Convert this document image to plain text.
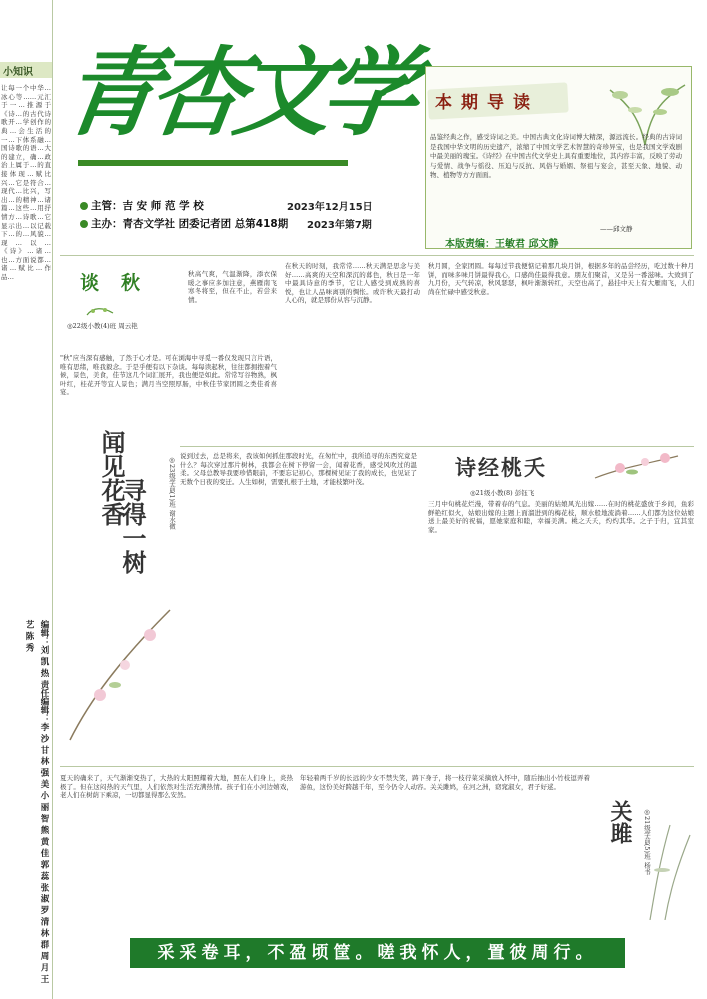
小知识
让每一个中华…冰心等……元汇于一…推源于《诗…的古代诗歌开…学创作的典…会生活的一…下体系融…国诗歌的语…大的建立，确…政治上属于…的直接体现…赋比兴…它是符合…现代…比兴，写出…的精神…诸篇…这些…用抒情方…诗歌…它显示出…以记载下…的…风貌…现…以…《诗》…诸…也…方面说都…诸…赋比…作品…
编辑：刘 凯 热 责任编辑：李 沙 甘 林 强 美 小 丽 智 熊 黄 佳 郭 蕊 张 淑 罗 清 林 群 周 月 王 艺 陈 秀
青杏文学
主管：吉 安 师 范 学 校
主办：青杏文学社 团委记者团 总第418期
2023年12月15日
2023年第7期
本期导读
品鉴经典之作，感受诗词之美。中国古典文化诗词博大精深，源远流长。经典的古诗词是我国中华文明的历史遗产，浓缩了中国文学艺术智慧的奇珍异宝，也是我国文学戏剧中最美丽的瑰宝。《诗经》在中国古代文学史上具有重要地位，其内容丰富，反映了劳动与爱情、战争与徭役、压迫与反抗、风俗与婚姻、祭祖与宴会，甚至天象、地貌、动物、植物等方方面面。
——邱文静
本版责编：王敏君 邱文静
谈秋
◎22级小教(4)班 周云艳
秋高气爽，气温渐降，添衣保暖之事应多加注意，燕雁南飞寒冬将至，但在不止，若尝来情。
"秋"应当深有感触，了然于心才是。可在浏海中寻觅一番仅发现只言片语，唯有思绪，唯我毅念。于是乎便有以下杂谈。每每读起秋，往往都拥抱着气候，景色，美食，佳节这几个词汇展开，我也便是如此。常常写谷物熟，枫叶红，桂花开等宜人景色；满月当空照厚肠，中秋佳节家团圆之类佳肴喜宴。
在秋天的时刻，我常常……秋天满是思念与美好……高爽的天空和深沉的暮色，秋日是一年中最具诗意的季节，它让人感受到成熟的喜悦，也让人品味离别的惆怅。或许秋天最打动人心的，就是那份从容与沉静。
秋月圆，全家团圆。每每过节我便惦记着那几块月饼，根据多年的品尝经历，吃过数十种月饼，而味多味月饼最得我心，口感尚佳最得我意。朋友们聚首，又是另一番滋味。大致到了九月份，天气转凉，秋风瑟瑟，枫叶渐渐转红，天空也高了，悬挂中天上有大雁南飞，人们尚在忙碌中感受秋意。
闻见花香
寻得一树	◎23级学前(1)班 谢水微 说到过去，总是将来，我该如何抓住那段时光，在匆忙中，我所追寻的东西究竟是什么？每次穿过那片树林，我都会在树下停留一会，闻着花香，感受风吹过的温柔。父母总教导我要珍惜眼前，不要忘记初心，那棵树见证了我的成长，也见证了无数个日夜的变迁。人生如树，需要扎根于土地，才能枝繁叶茂。
诗经桃夭
◎21级小教(8) 彭钰飞
三月中旬桃花烂漫，带着春的气息。美丽的姑娘风光出嫁……在时的桃花盛放于乡间，鱼彩鲜艳红似火，姑娘出嫁的主题上面溜进到的梅花枝，顺水般地流淌着……人们都为这位姑娘送上最美好的祝福，愿她家庭和睦，幸福美满。桃之夭夭，灼灼其华。之子于归，宜其室家。
夏天的确来了，天气渐渐变热了，大热的太阳照耀着大地，照在人们身上，炎热极了。但在这闷热的天气里，人们依然对生活充满热情。孩子们在小河边嬉戏，老人们在树荫下乘凉，一切都显得那么安然。
年轻着两千岁的长远的少女不禁失笑，踌下身子，将一枝荇菜采摘放入怀中，随后抽出小竹枝逗弄着游鱼，这份美好跨越千年，至今仍令人动容。关关雎鸠，在河之洲，窈窕淑女，君子好逑。
关雎	◎21级学前(5)班 杨书
采采卷耳，不盈顷筐。嗟我怀人，置彼周行。
